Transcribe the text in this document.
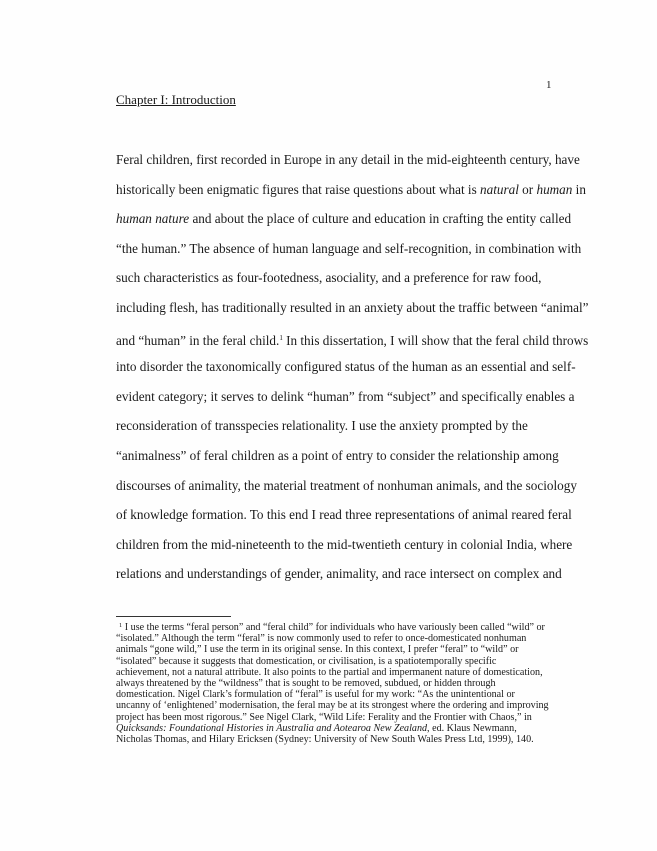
1
Chapter I: Introduction
Feral children, first recorded in Europe in any detail in the mid-eighteenth century, have
historically been enigmatic figures that raise questions about what is natural or human in
human nature and about the place of culture and education in crafting the entity called
“the human.” The absence of human language and self-recognition, in combination with
such characteristics as four-footedness, asociality, and a preference for raw food,
including flesh, has traditionally resulted in an anxiety about the traffic between “animal”
and “human” in the feral child.$^1$ In this dissertation, I will show that the feral child throws
into disorder the taxonomically configured status of the human as an essential and self-
evident category; it serves to delink “human” from “subject” and specifically enables a
reconsideration of transspecies relationality. I use the anxiety prompted by the
“animalness” of feral children as a point of entry to consider the relationship among
discourses of animality, the material treatment of nonhuman animals, and the sociology
of knowledge formation. To this end I read three representations of animal reared feral
children from the mid-nineteenth to the mid-twentieth century in colonial India, where
relations and understandings of gender, animality, and race intersect on complex and
$^1$ I use the terms “feral person” and “feral child” for individuals who have variously been called “wild” or
“isolated.” Although the term “feral” is now commonly used to refer to once-domesticated nonhuman
animals “gone wild,” I use the term in its original sense. In this context, I prefer “feral” to “wild” or
“isolated” because it suggests that domestication, or civilisation, is a spatiotemporally specific
achievement, not a natural attribute. It also points to the partial and impermanent nature of domestication,
always threatened by the “wildness” that is sought to be removed, subdued, or hidden through
domestication. Nigel Clark’s formulation of “feral” is useful for my work: “As the unintentional or
uncanny of ‘enlightened’ modernisation, the feral may be at its strongest where the ordering and improving
project has been most rigorous.” See Nigel Clark, “Wild Life: Ferality and the Frontier with Chaos,” in
Quicksands: Foundational Histories in Australia and Aotearoa New Zealand, ed. Klaus Newmann,
Nicholas Thomas, and Hilary Ericksen (Sydney: University of New South Wales Press Ltd, 1999), 140.
